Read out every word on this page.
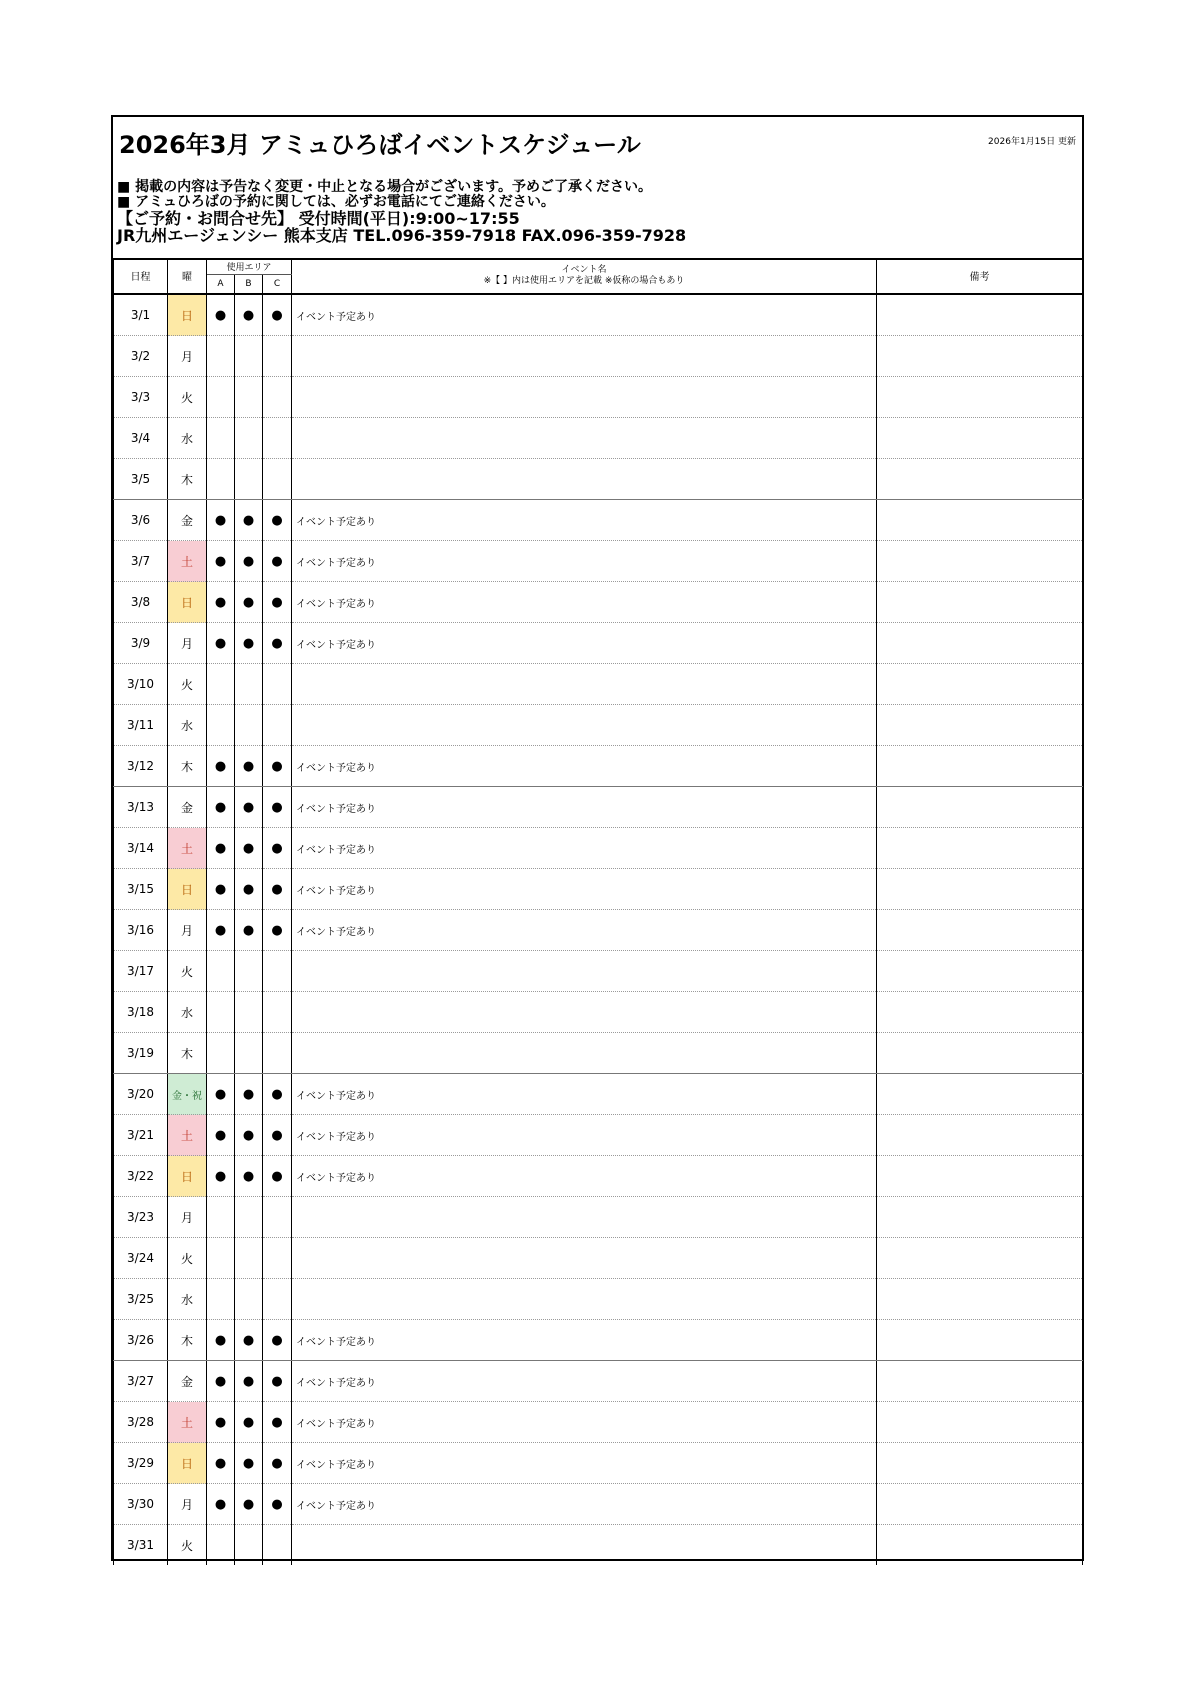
2026年3月 アミュひろばイベントスケジュール	2026年1月15日 更新
■ 掲載の内容は予告なく変更・中止となる場合がございます。予めご了承ください。
■ アミュひろばの予約に関しては、必ずお電話にてご連絡ください。
【ご予約・お問合せ先】 受付時間(平日):9:00~17:55
JR九州エージェンシー 熊本支店 TEL.096-359-7918 FAX.096-359-7928
日程	曜	使用エリア			イベント名
※【 】内は使用エリアを記載 ※仮称の場合もあり	備考
		A	B	C		
3/1	日	●	●	●	イベント予定あり	
3/2	月					
3/3	火					
3/4	水					
3/5	木					
3/6	金	●	●	●	イベント予定あり	
3/7	土	●	●	●	イベント予定あり	
3/8	日	●	●	●	イベント予定あり	
3/9	月	●	●	●	イベント予定あり	
3/10	火					
3/11	水					
3/12	木	●	●	●	イベント予定あり	
3/13	金	●	●	●	イベント予定あり	
3/14	土	●	●	●	イベント予定あり	
3/15	日	●	●	●	イベント予定あり	
3/16	月	●	●	●	イベント予定あり	
3/17	火					
3/18	水					
3/19	木					
3/20	金・祝	●	●	●	イベント予定あり	
3/21	土	●	●	●	イベント予定あり	
3/22	日	●	●	●	イベント予定あり	
3/23	月					
3/24	火					
3/25	水					
3/26	木	●	●	●	イベント予定あり	
3/27	金	●	●	●	イベント予定あり	
3/28	土	●	●	●	イベント予定あり	
3/29	日	●	●	●	イベント予定あり	
3/30	月	●	●	●	イベント予定あり	
3/31	火					
